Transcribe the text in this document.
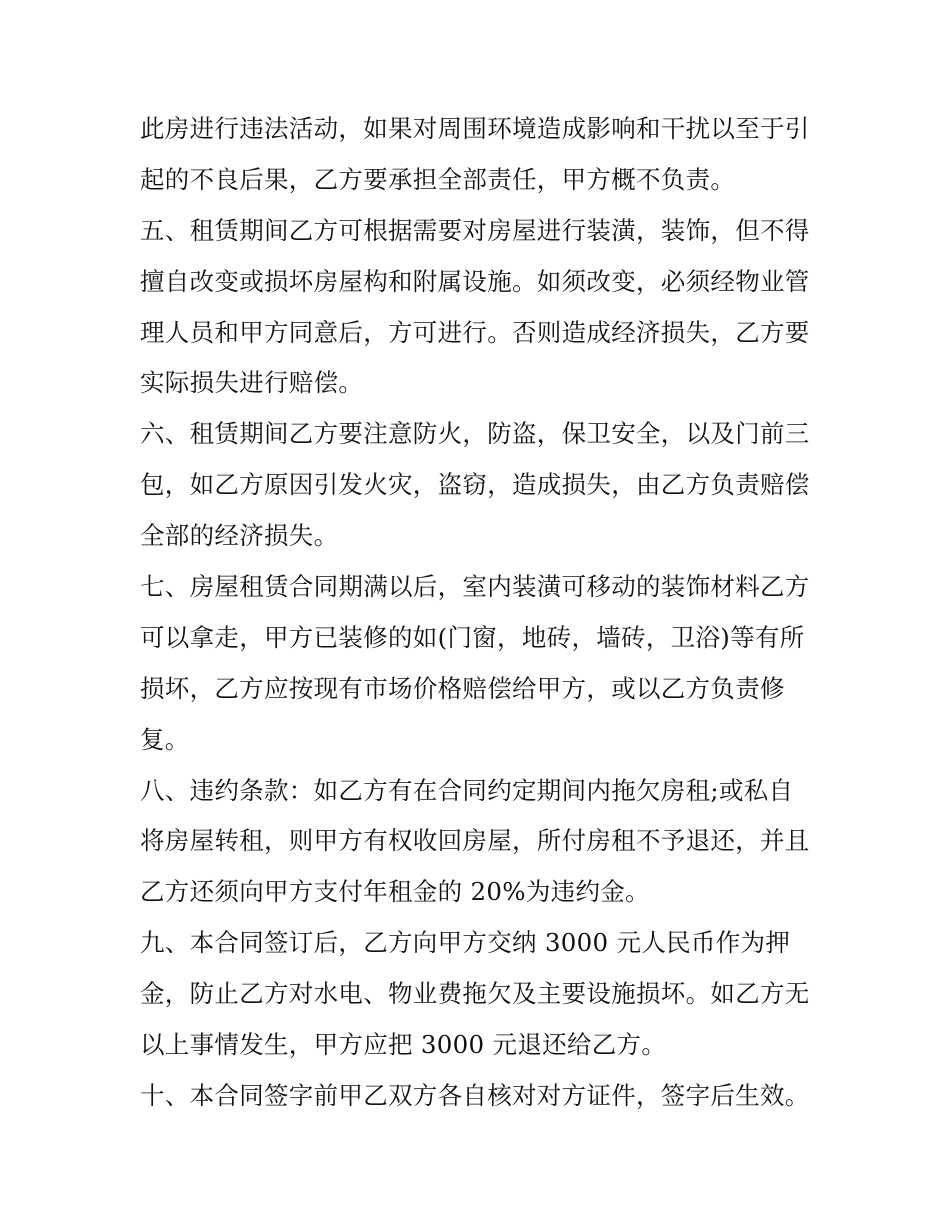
此房进行违法活动，如果对周围环境造成影响和干扰以至于引
起的不良后果，乙方要承担全部责任，甲方概不负责。
五、租赁期间乙方可根据需要对房屋进行装潢，装饰，但不得
擅自改变或损坏房屋构和附属设施。如须改变，必须经物业管
理人员和甲方同意后，方可进行。否则造成经济损失，乙方要
实际损失进行赔偿。
六、租赁期间乙方要注意防火，防盗，保卫安全，以及门前三
包，如乙方原因引发火灾，盗窃，造成损失，由乙方负责赔偿
全部的经济损失。
七、房屋租赁合同期满以后，室内装潢可移动的装饰材料乙方
可以拿走，甲方已装修的如(门窗，地砖，墙砖，卫浴)等有所
损坏，乙方应按现有市场价格赔偿给甲方，或以乙方负责修
复。
八、违约条款：如乙方有在合同约定期间内拖欠房租;或私自
将房屋转租，则甲方有权收回房屋，所付房租不予退还，并且
乙方还须向甲方支付年租金的 20%为违约金。
九、本合同签订后，乙方向甲方交纳 3000 元人民币作为押
金，防止乙方对水电、物业费拖欠及主要设施损坏。如乙方无
以上事情发生，甲方应把 3000 元退还给乙方。
十、本合同签字前甲乙双方各自核对对方证件，签字后生效。
